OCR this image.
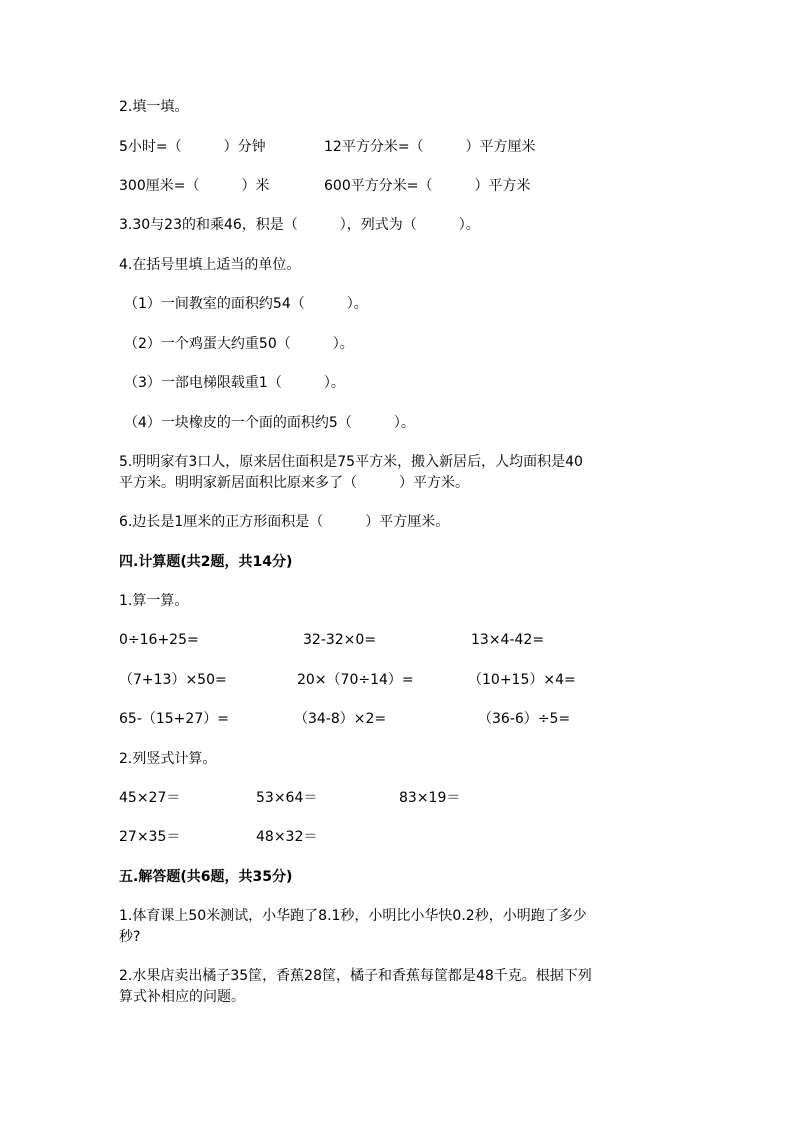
2.填一填。
5小时=（　　　）分钟	12平方分米=（　　　）平方厘米
300厘米=（　　　）米	600平方分米=（　　　）平方米
3.30与23的和乘46，积是（　　　），列式为（　　　）。
4.在括号里填上适当的单位。
（1）一间教室的面积约54（　　　）。
（2）一个鸡蛋大约重50（　　　）。
（3）一部电梯限载重1（　　　）。
（4）一块橡皮的一个面的面积约5（　　　）。
5.明明家有3口人，原来居住面积是75平方米，搬入新居后，人均面积是40
平方米。明明家新居面积比原来多了（　　　）平方米。
6.边长是1厘米的正方形面积是（　　　）平方厘米。
四.计算题(共2题，共14分)
1.算一算。
0÷16+25=	32-32×0=	13×4-42=
（7+13）×50=	20×（70÷14）=	（10+15）×4=
65-（15+27）=	（34-8）×2=	（36-6）÷5=
2.列竖式计算。
45×27＝	53×64＝	83×19＝
27×35＝	48×32＝
五.解答题(共6题，共35分)
1.体育课上50米测试，小华跑了8.1秒，小明比小华快0.2秒，小明跑了多少
秒?
2.水果店卖出橘子35筐，香蕉28筐，橘子和香蕉每筐都是48千克。根据下列
算式补相应的问题。
